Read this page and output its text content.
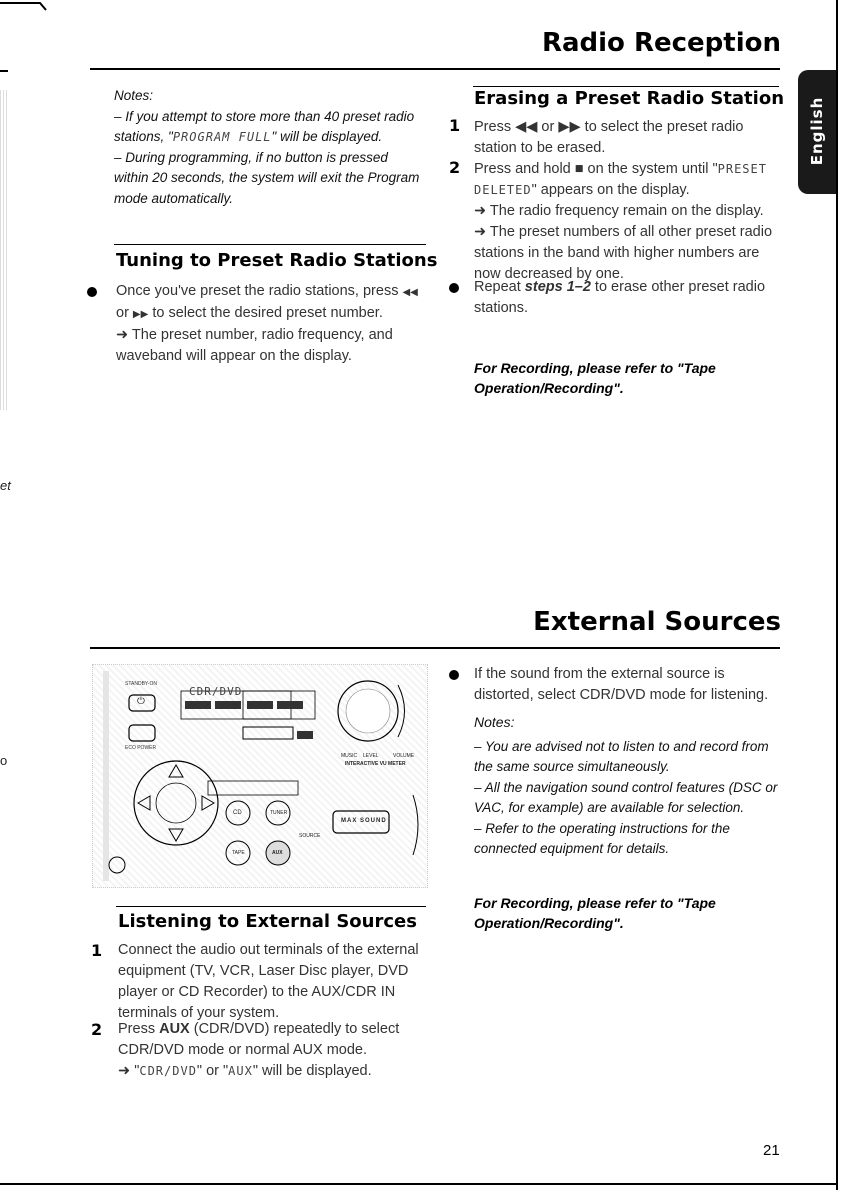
et
o
Radio Reception
English
Notes:
– If you attempt to store more than 40 preset radio stations, "PROGRAM FULL" will be displayed.
– During programming, if no button is pressed within 20 seconds, the system will exit the Program mode automatically.
Tuning to Preset Radio Stations
Once you've preset the radio stations, press ◀◀ or ▶▶ to select the desired preset number.
➜ The preset number, radio frequency, and waveband will appear on the display.
Erasing a Preset Radio Station
1 Press ◀◀ or ▶▶ to select the preset radio station to be erased.
2 Press and hold ■ on the system until "PRESET DELETED" appears on the display.
➜ The radio frequency remain on the display.
➜ The preset numbers of all other preset radio stations in the band with higher numbers are now decreased by one.
Repeat steps 1–2 to erase other preset radio stations.
For Recording, please refer to "Tape Operation/Recording".
External Sources
STANDBY-ON
ECO POWER
⏻
CDR/DVD
MUSIC LEVEL	VOLUME
INTERACTIVE VU METER
MAX SOUND
SOURCE
CD	TUNER
TAPE	AUX
Listening to External Sources
1 Connect the audio out terminals of the external equipment (TV, VCR, Laser Disc player, DVD player or CD Recorder) to the AUX/CDR IN terminals of your system.
2 Press AUX (CDR/DVD) repeatedly to select CDR/DVD mode or normal AUX mode.
➜ "CDR/DVD" or "AUX" will be displayed.
If the sound from the external source is distorted, select CDR/DVD mode for listening.
Notes:
– You are advised not to listen to and record from the same source simultaneously.
– All the navigation sound control features (DSC or VAC, for example) are available for selection.
– Refer to the operating instructions for the connected equipment for details.
For Recording, please refer to "Tape Operation/Recording".
21
